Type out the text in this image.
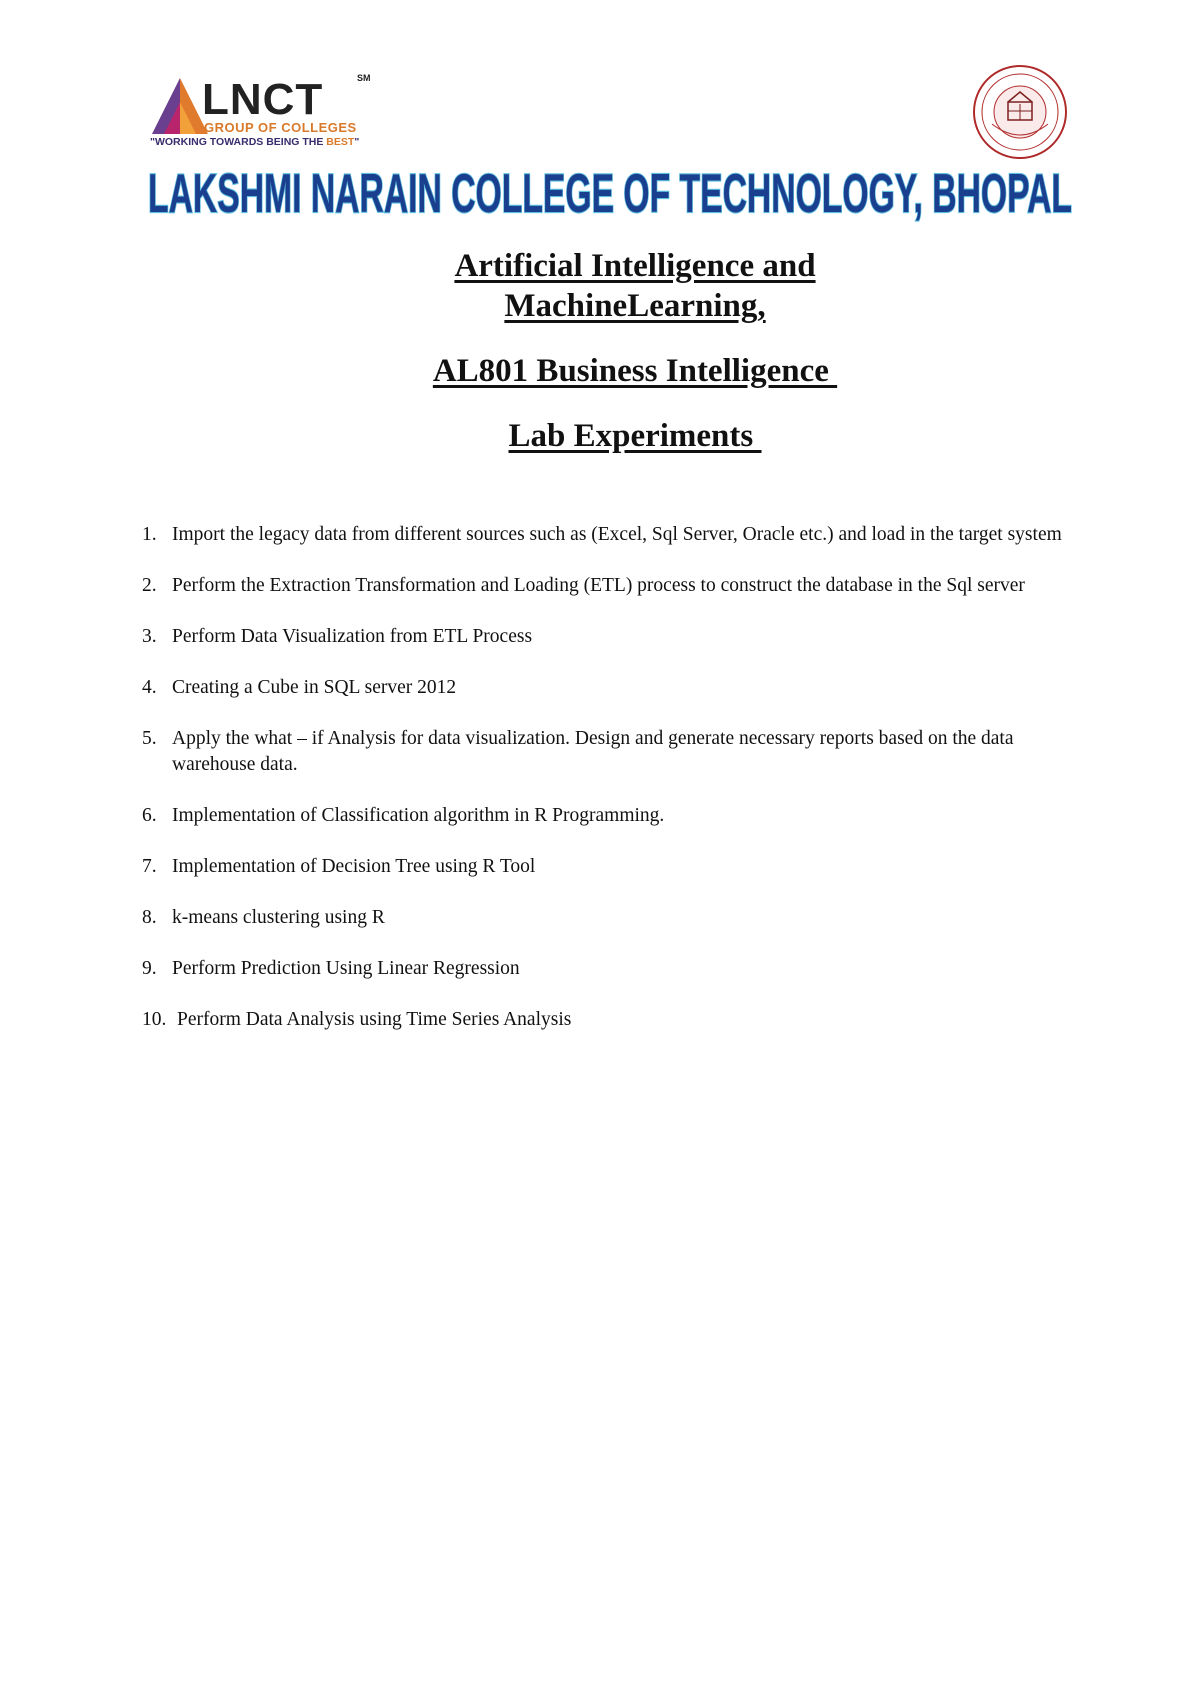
LNCT	SM
GROUP OF COLLEGES
"WORKING TOWARDS BEING THE BEST"
LAKSHMI NARAIN COLLEGE OF TECHNOLOGY, BHOPAL
Artificial Intelligence and
MachineLearning,
AL801 Business Intelligence
Lab Experiments
1. Import the legacy data from different sources such as (Excel, Sql Server, Oracle etc.) and load in the target system
2. Perform the Extraction Transformation and Loading (ETL) process to construct the database in the Sql server
3. Perform Data Visualization from ETL Process
4. Creating a Cube in SQL server 2012
5. Apply the what – if Analysis for data visualization. Design and generate necessary reports based on the data warehouse data.
6. Implementation of Classification algorithm in R Programming.
7. Implementation of Decision Tree using R Tool
8. k-means clustering using R
9. Perform Prediction Using Linear Regression
10. Perform Data Analysis using Time Series Analysis
